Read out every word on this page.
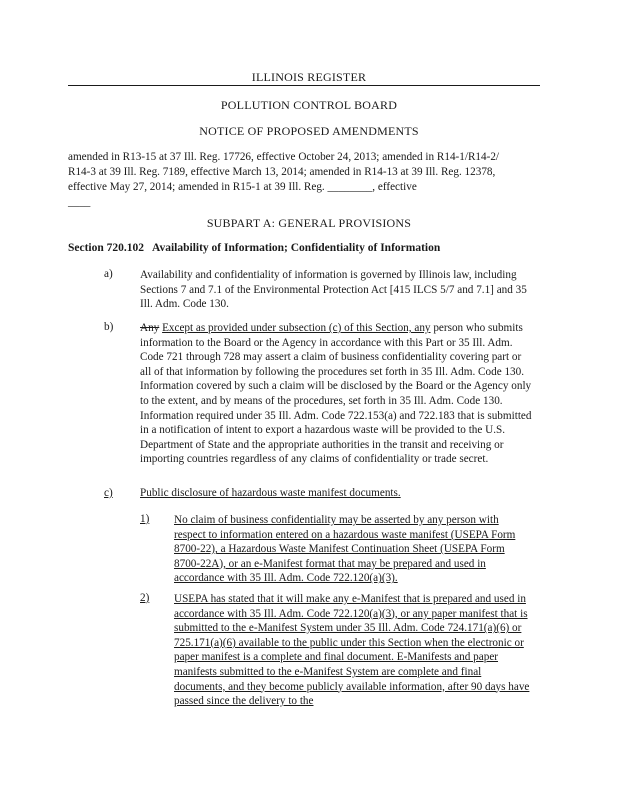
ILLINOIS REGISTER
POLLUTION CONTROL BOARD
NOTICE OF PROPOSED AMENDMENTS
amended in R13-15 at 37 Ill. Reg. 17726, effective October 24, 2013; amended in R14-1/R14-2/
R14-3 at 39 Ill. Reg. 7189, effective March 13, 2014; amended in R14-13 at 39 Ill. Reg. 12378,
effective May 27, 2014; amended in R15-1 at 39 Ill. Reg. ________, effective
____
SUBPART A: GENERAL PROVISIONS
Section 720.102   Availability of Information; Confidentiality of Information
a) Availability and confidentiality of information is governed by Illinois law, including Sections 7 and 7.1 of the Environmental Protection Act [415 ILCS 5/7 and 7.1] and 35 Ill. Adm. Code 130.
b) Any Except as provided under subsection (c) of this Section, any person who submits information to the Board or the Agency in accordance with this Part or 35 Ill. Adm. Code 721 through 728 may assert a claim of business confidentiality covering part or all of that information by following the procedures set forth in 35 Ill. Adm. Code 130. Information covered by such a claim will be disclosed by the Board or the Agency only to the extent, and by means of the procedures, set forth in 35 Ill. Adm. Code 130. Information required under 35 Ill. Adm. Code 722.153(a) and 722.183 that is submitted in a notification of intent to export a hazardous waste will be provided to the U.S. Department of State and the appropriate authorities in the transit and receiving or importing countries regardless of any claims of confidentiality or trade secret.
c) Public disclosure of hazardous waste manifest documents.
1) No claim of business confidentiality may be asserted by any person with respect to information entered on a hazardous waste manifest (USEPA Form 8700-22), a Hazardous Waste Manifest Continuation Sheet (USEPA Form 8700-22A), or an e-Manifest format that may be prepared and used in accordance with 35 Ill. Adm. Code 722.120(a)(3).
2) USEPA has stated that it will make any e-Manifest that is prepared and used in accordance with 35 Ill. Adm. Code 722.120(a)(3), or any paper manifest that is submitted to the e-Manifest System under 35 Ill. Adm. Code 724.171(a)(6) or 725.171(a)(6) available to the public under this Section when the electronic or paper manifest is a complete and final document. E-Manifests and paper manifests submitted to the e-Manifest System are complete and final documents, and they become publicly available information, after 90 days have passed since the delivery to the
